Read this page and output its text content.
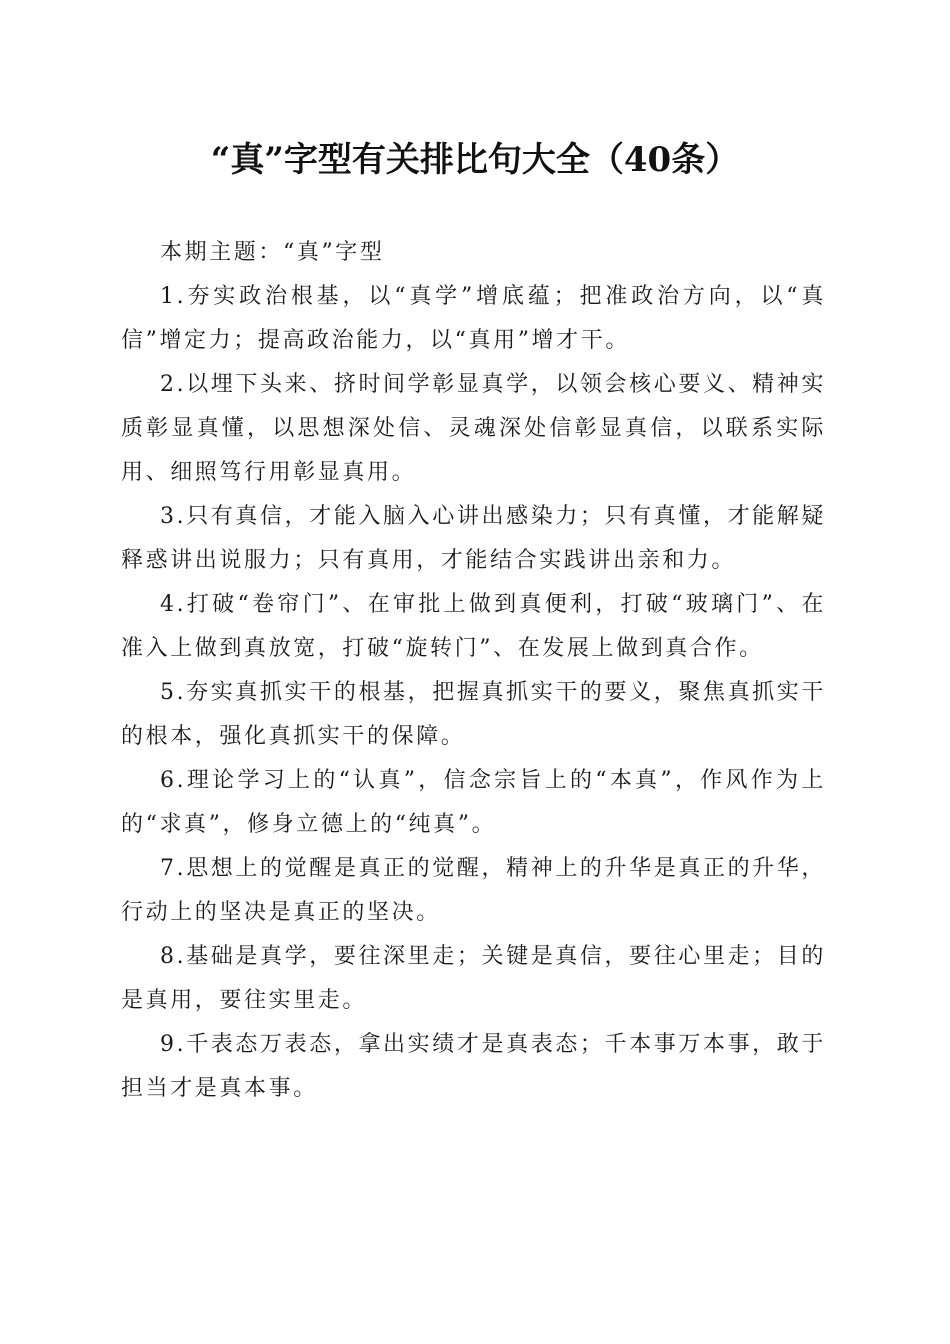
“真”字型有关排比句大全（40条）

本期主题：“真”字型

1.夯实政治根基，以“真学”增底蕴；把准政治方向，以“真信”增定力；提高政治能力，以“真用”增才干。

2.以埋下头来、挤时间学彰显真学，以领会核心要义、精神实质彰显真懂，以思想深处信、灵魂深处信彰显真信，以联系实际用、细照笃行用彰显真用。

3.只有真信，才能入脑入心讲出感染力；只有真懂，才能解疑释惑讲出说服力；只有真用，才能结合实践讲出亲和力。

4.打破“卷帘门”、在审批上做到真便利，打破“玻璃门”、在准入上做到真放宽，打破“旋转门”、在发展上做到真合作。

5.夯实真抓实干的根基，把握真抓实干的要义，聚焦真抓实干的根本，强化真抓实干的保障。

6.理论学习上的“认真”，信念宗旨上的“本真”，作风作为上的“求真”，修身立德上的“纯真”。

7.思想上的觉醒是真正的觉醒，精神上的升华是真正的升华，行动上的坚决是真正的坚决。

8.基础是真学，要往深里走；关键是真信，要往心里走；目的是真用，要往实里走。

9.千表态万表态，拿出实绩才是真表态；千本事万本事，敢于担当才是真本事。
